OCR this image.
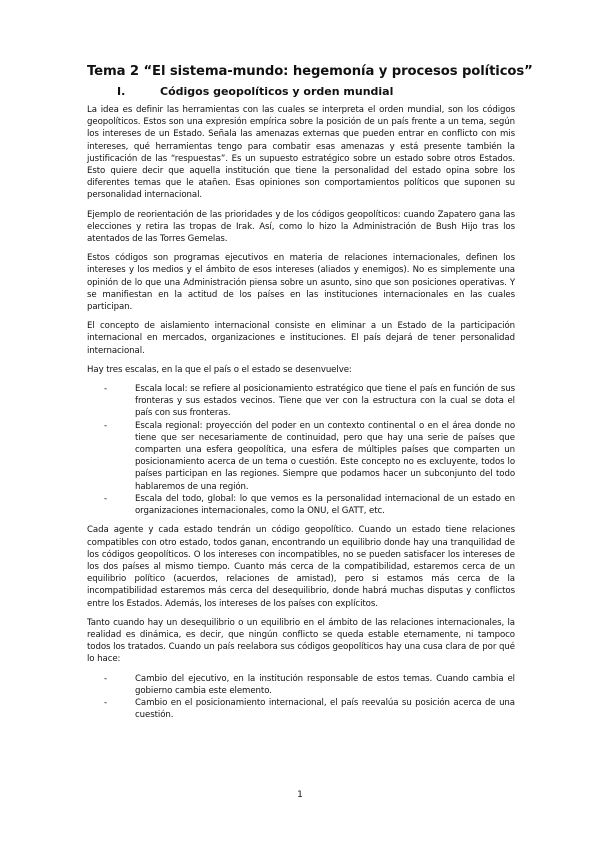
Tema 2 “El sistema-mundo: hegemonía y procesos políticos”
I.	Códigos geopolíticos y orden mundial

La idea es definir las herramientas con las cuales se interpreta el orden mundial, son los códigos geopolíticos. Estos son una expresión empírica sobre la posición de un país frente a un tema, según los intereses de un Estado. Señala las amenazas externas que pueden entrar en conflicto con mis intereses, qué herramientas tengo para combatir esas amenazas y está presente también la justificación de las “respuestas”. Es un supuesto estratégico sobre un estado sobre otros Estados. Esto quiere decir que aquella institución que tiene la personalidad del estado opina sobre los diferentes temas que le atañen. Esas opiniones son comportamientos políticos que suponen su personalidad internacional.

Ejemplo de reorientación de las prioridades y de los códigos geopolíticos: cuando Zapatero gana las elecciones y retira las tropas de Irak. Así, como lo hizo la Administración de Bush Hijo tras los atentados de las Torres Gemelas.

Estos códigos son programas ejecutivos en materia de relaciones internacionales, definen los intereses y los medios y el ámbito de esos intereses (aliados y enemigos). No es simplemente una opinión de lo que una Administración piensa sobre un asunto, sino que son posiciones operativas. Y se manifiestan en la actitud de los países en las instituciones internacionales en las cuales participan.

El concepto de aislamiento internacional consiste en eliminar a un Estado de la participación internacional en mercados, organizaciones e instituciones. El país dejará de tener personalidad internacional.

Hay tres escalas, en la que el país o el estado se desenvuelve:

-	Escala local: se refiere al posicionamiento estratégico que tiene el país en función de sus fronteras y sus estados vecinos. Tiene que ver con la estructura con la cual se dota el país con sus fronteras.
-	Escala regional: proyección del poder en un contexto continental o en el área donde no tiene que ser necesariamente de continuidad, pero que hay una serie de países que comparten una esfera geopolítica, una esfera de múltiples países que comparten un posicionamiento acerca de un tema o cuestión. Este concepto no es excluyente, todos lo países participan en las regiones. Siempre que podamos hacer un subconjunto del todo hablaremos de una región.
-	Escala del todo, global: lo que vemos es la personalidad internacional de un estado en organizaciones internacionales, como la ONU, el GATT, etc.

Cada agente y cada estado tendrán un código geopolítico. Cuando un estado tiene relaciones compatibles con otro estado, todos ganan, encontrando un equilibrio donde hay una tranquilidad de los códigos geopolíticos. O los intereses con incompatibles, no se pueden satisfacer los intereses de los dos países al mismo tiempo. Cuanto más cerca de la compatibilidad, estaremos cerca de un equilibrio político (acuerdos, relaciones de amistad), pero si estamos más cerca de la incompatibilidad estaremos más cerca del desequilibrio, donde habrá muchas disputas y conflictos entre los Estados. Además, los intereses de los países con explícitos.

Tanto cuando hay un desequilibrio o un equilibrio en el ámbito de las relaciones internacionales, la realidad es dinámica, es decir, que ningún conflicto se queda estable eternamente, ni tampoco todos los tratados. Cuando un país reelabora sus códigos geopolíticos hay una cusa clara de por qué lo hace:

-	Cambio del ejecutivo, en la institución responsable de estos temas. Cuando cambia el gobierno cambia este elemento.
-	Cambio en el posicionamiento internacional, el país reevalúa su posición acerca de una cuestión.
1
